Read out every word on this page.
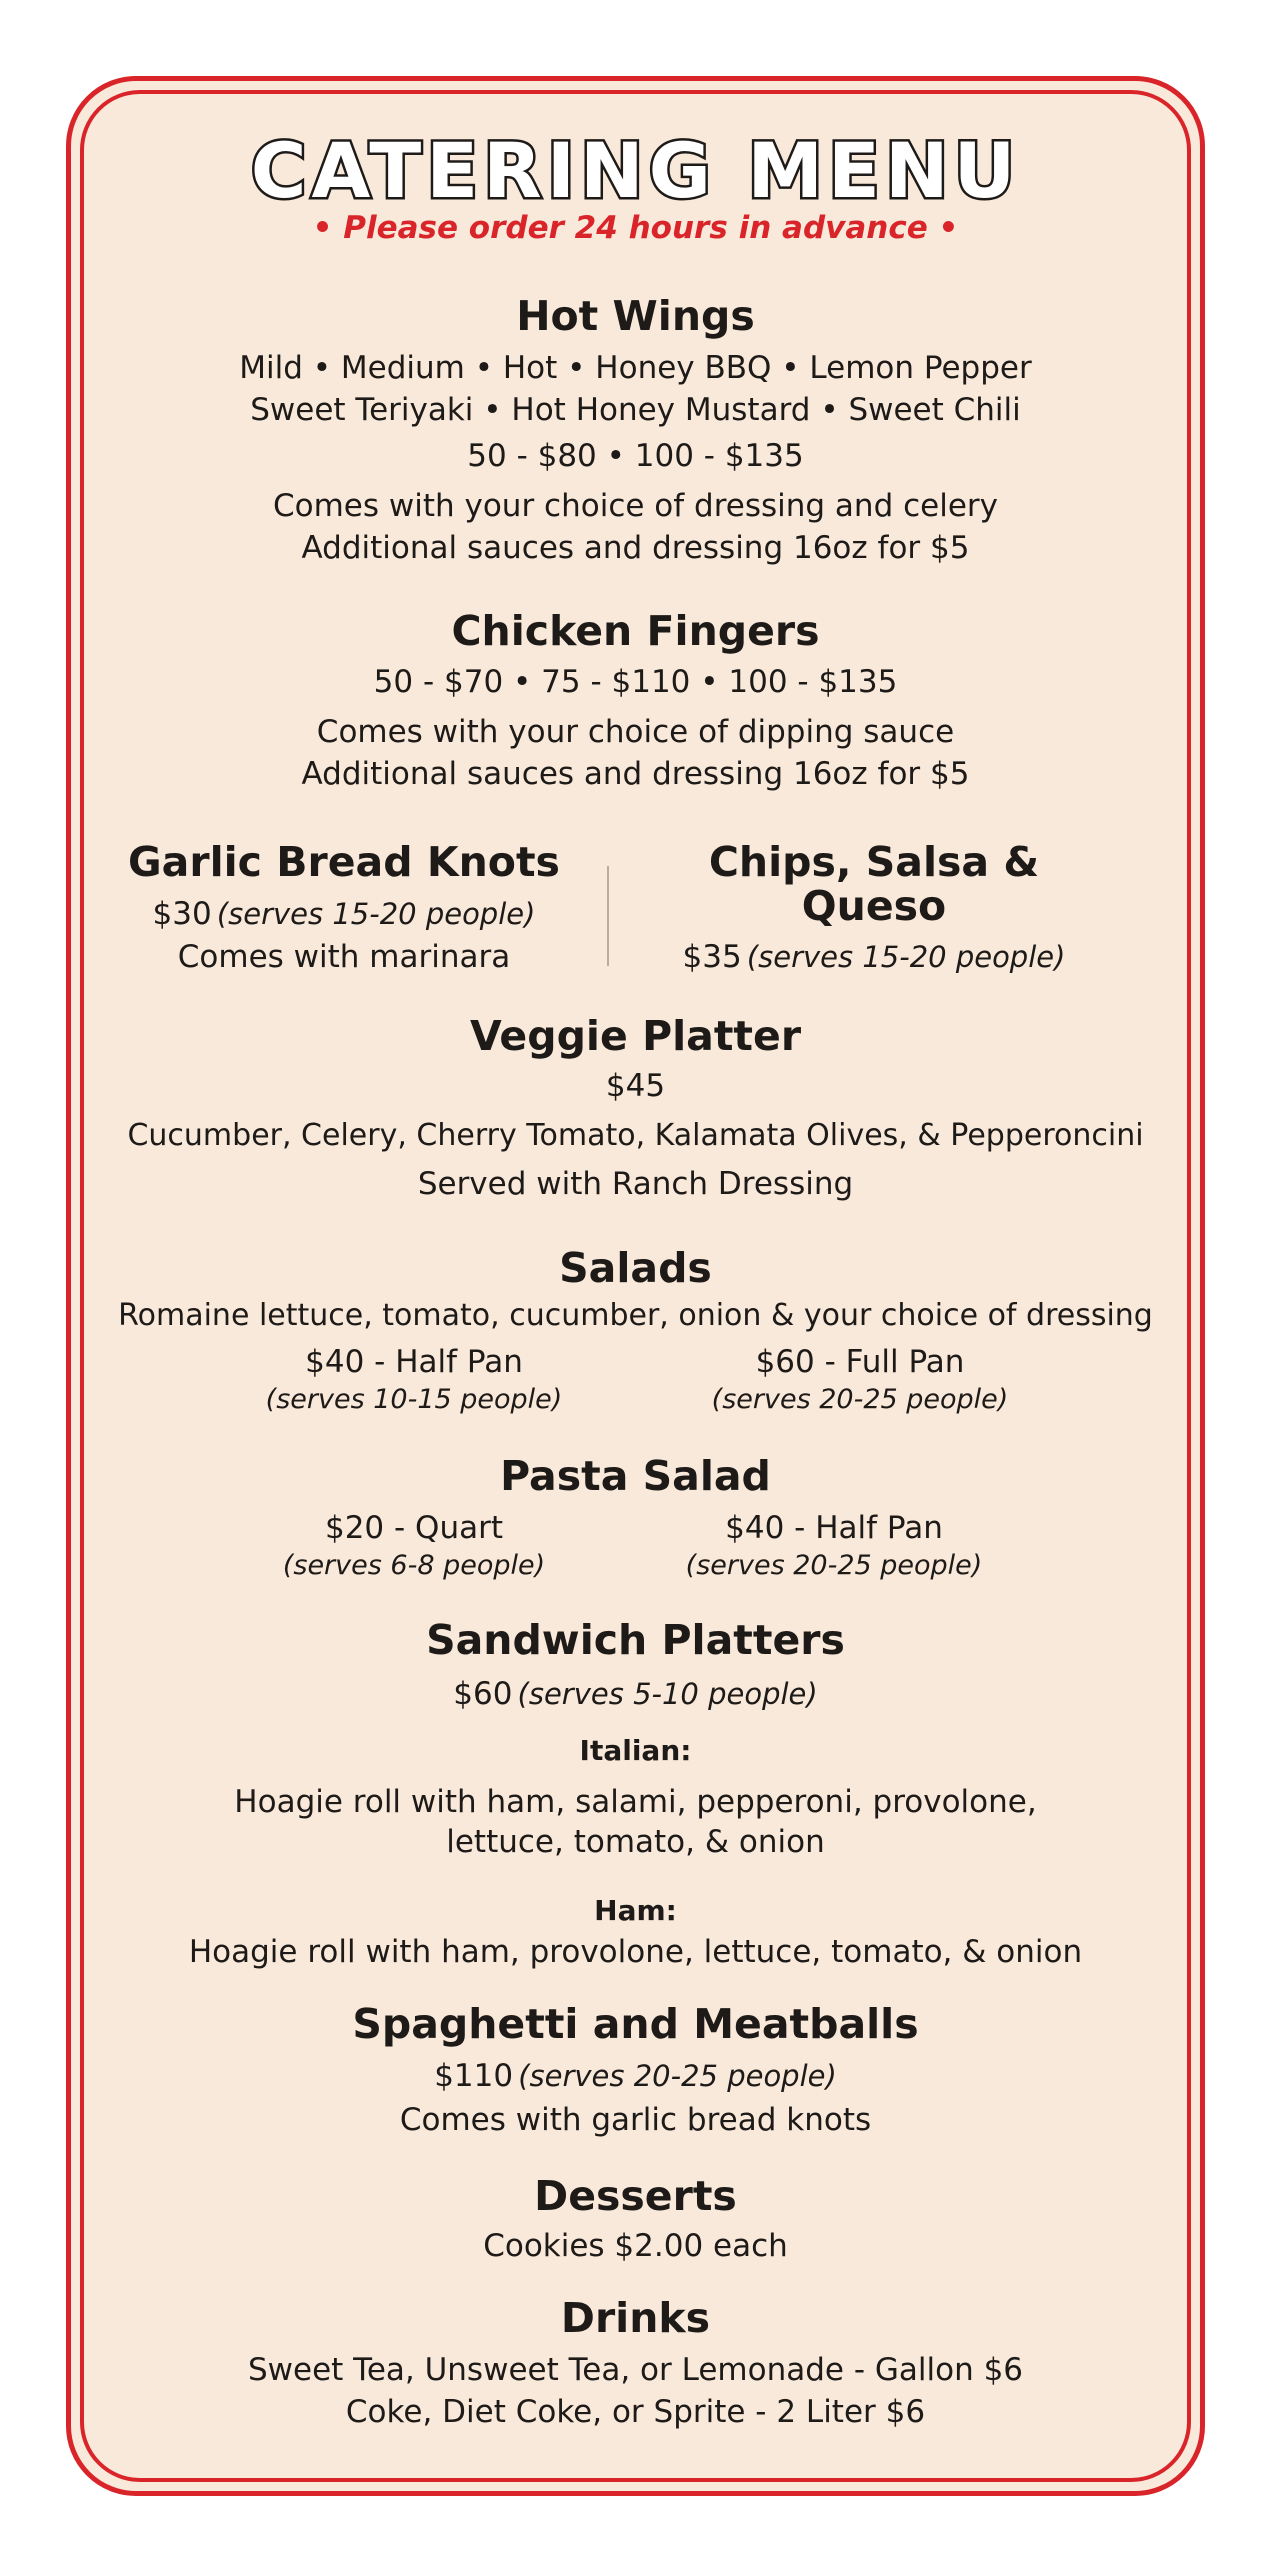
CATERING MENU
• Please order 24 hours in advance •
Hot Wings
Mild • Medium • Hot • Honey BBQ • Lemon Pepper
Sweet Teriyaki • Hot Honey Mustard • Sweet Chili
50 - $80 • 100 - $135
Comes with your choice of dressing and celery
Additional sauces and dressing 16oz for $5
Chicken Fingers
50 - $70 • 75 - $110 • 100 - $135
Comes with your choice of dipping sauce
Additional sauces and dressing 16oz for $5
Garlic Bread Knots
$30 (serves 15-20 people)
Comes with marinara
Chips, Salsa &
Queso
$35 (serves 15-20 people)
Veggie Platter
$45
Cucumber, Celery, Cherry Tomato, Kalamata Olives, & Pepperoncini
Served with Ranch Dressing
Salads
Romaine lettuce, tomato, cucumber, onion & your choice of dressing
$40 - Half Pan
(serves 10-15 people)
$60 - Full Pan
(serves 20-25 people)
Pasta Salad
$20 - Quart
(serves 6-8 people)
$40 - Half Pan
(serves 20-25 people)
Sandwich Platters
$60 (serves 5-10 people)
Italian:
Hoagie roll with ham, salami, pepperoni, provolone,
lettuce, tomato, & onion
Ham:
Hoagie roll with ham, provolone, lettuce, tomato, & onion
Spaghetti and Meatballs
$110 (serves 20-25 people)
Comes with garlic bread knots
Desserts
Cookies $2.00 each
Drinks
Sweet Tea, Unsweet Tea, or Lemonade - Gallon $6
Coke, Diet Coke, or Sprite - 2 Liter $6
